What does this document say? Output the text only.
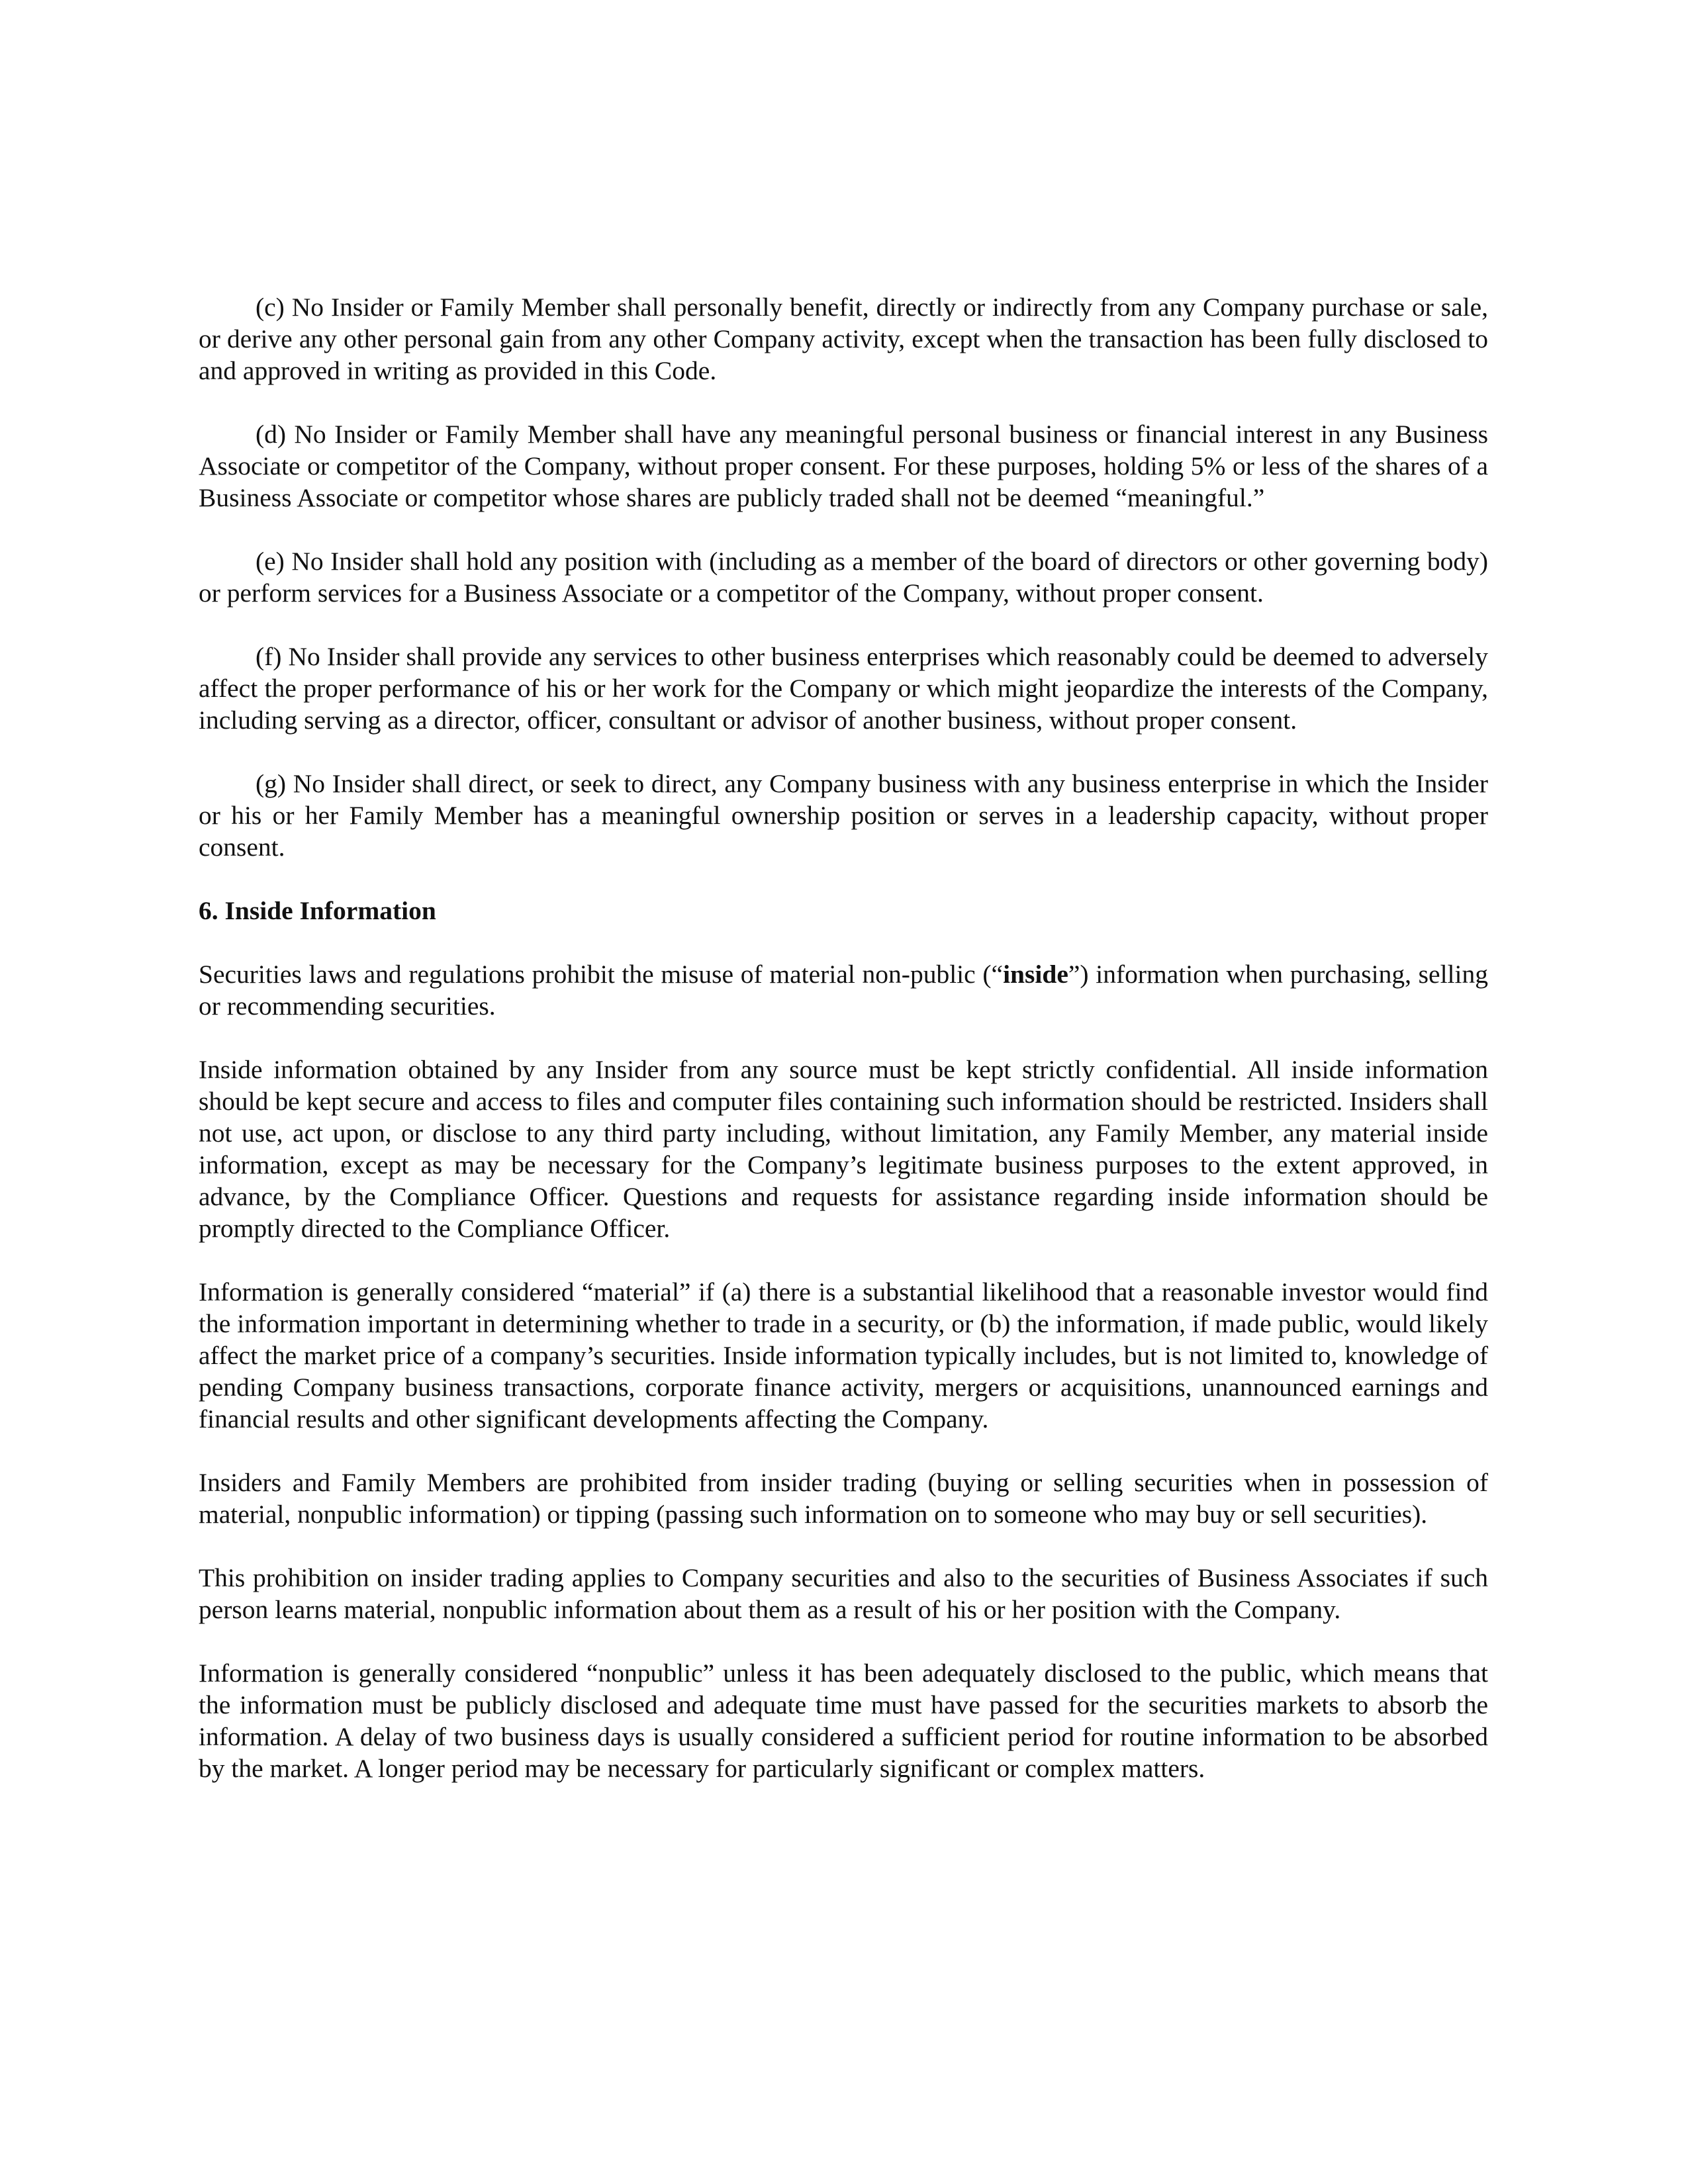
(c) No Insider or Family Member shall personally benefit, directly or indirectly from any Company purchase or sale, or derive any other personal gain from any other Company activity, except when the transaction has been fully disclosed to and approved in writing as provided in this Code.

(d) No Insider or Family Member shall have any meaningful personal business or financial interest in any Business Associate or competitor of the Company, without proper consent. For these purposes, holding 5% or less of the shares of a Business Associate or competitor whose shares are publicly traded shall not be deemed “meaningful.”

(e) No Insider shall hold any position with (including as a member of the board of directors or other governing body) or perform services for a Business Associate or a competitor of the Company, without proper consent.

(f) No Insider shall provide any services to other business enterprises which reasonably could be deemed to adversely affect the proper performance of his or her work for the Company or which might jeopardize the interests of the Company, including serving as a director, officer, consultant or advisor of another business, without proper consent.

(g) No Insider shall direct, or seek to direct, any Company business with any business enterprise in which the Insider or his or her Family Member has a meaningful ownership position or serves in a leadership capacity, without proper consent.

6. Inside Information

Securities laws and regulations prohibit the misuse of material non-public (“inside”) information when purchasing, selling or recommending securities.

Inside information obtained by any Insider from any source must be kept strictly confidential. All inside information should be kept secure and access to files and computer files containing such information should be restricted. Insiders shall not use, act upon, or disclose to any third party including, without limitation, any Family Member, any material inside information, except as may be necessary for the Company’s legitimate business purposes to the extent approved, in advance, by the Compliance Officer. Questions and requests for assistance regarding inside information should be promptly directed to the Compliance Officer.

Information is generally considered “material” if (a) there is a substantial likelihood that a reasonable investor would find the information important in determining whether to trade in a security, or (b) the information, if made public, would likely affect the market price of a company’s securities. Inside information typically includes, but is not limited to, knowledge of pending Company business transactions, corporate finance activity, mergers or acquisitions, unannounced earnings and financial results and other significant developments affecting the Company.

Insiders and Family Members are prohibited from insider trading (buying or selling securities when in possession of material, nonpublic information) or tipping (passing such information on to someone who may buy or sell securities).

This prohibition on insider trading applies to Company securities and also to the securities of Business Associates if such person learns material, nonpublic information about them as a result of his or her position with the Company.

Information is generally considered “nonpublic” unless it has been adequately disclosed to the public, which means that the information must be publicly disclosed and adequate time must have passed for the securities markets to absorb the information. A delay of two business days is usually considered a sufficient period for routine information to be absorbed by the market. A longer period may be necessary for particularly significant or complex matters.
